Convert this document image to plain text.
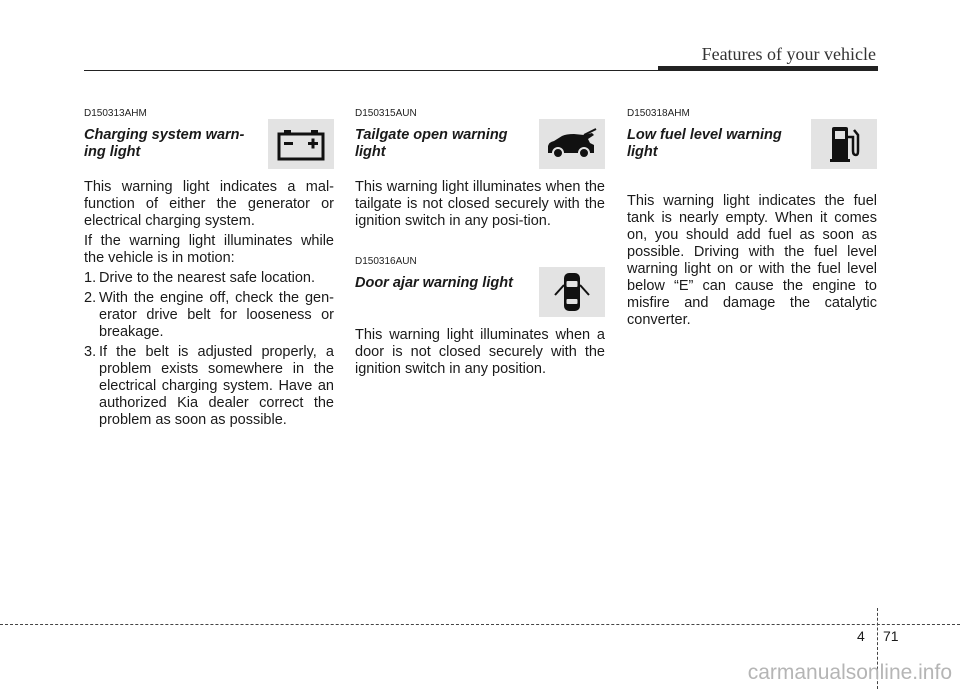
Features of your vehicle
D150313AHM
Charging system warn-ing light

This warning light indicates a mal-function of either the generator or electrical charging system.

If the warning light illuminates while the vehicle is in motion:

1. Drive to the nearest safe location.
2. With the engine off, check the gen-erator drive belt for looseness or breakage.
3. If the belt is adjusted properly, a problem exists somewhere in the electrical charging system. Have an authorized Kia dealer correct the problem as soon as possible.
D150315AUN
Tailgate open warning light
This warning light illuminates when the tailgate is not closed securely with the ignition switch in any posi-tion.
D150316AUN
Door ajar warning light
This warning light illuminates when a door is not closed securely with the ignition switch in any position.
D150318AHM
Low fuel level warning light
This warning light indicates the fuel tank is nearly empty. When it comes on, you should add fuel as soon as possible. Driving with the fuel level warning light on or with the fuel level below “E” can cause the engine to misfire and damage the catalytic converter.
4 71
carmanualsonline.info
